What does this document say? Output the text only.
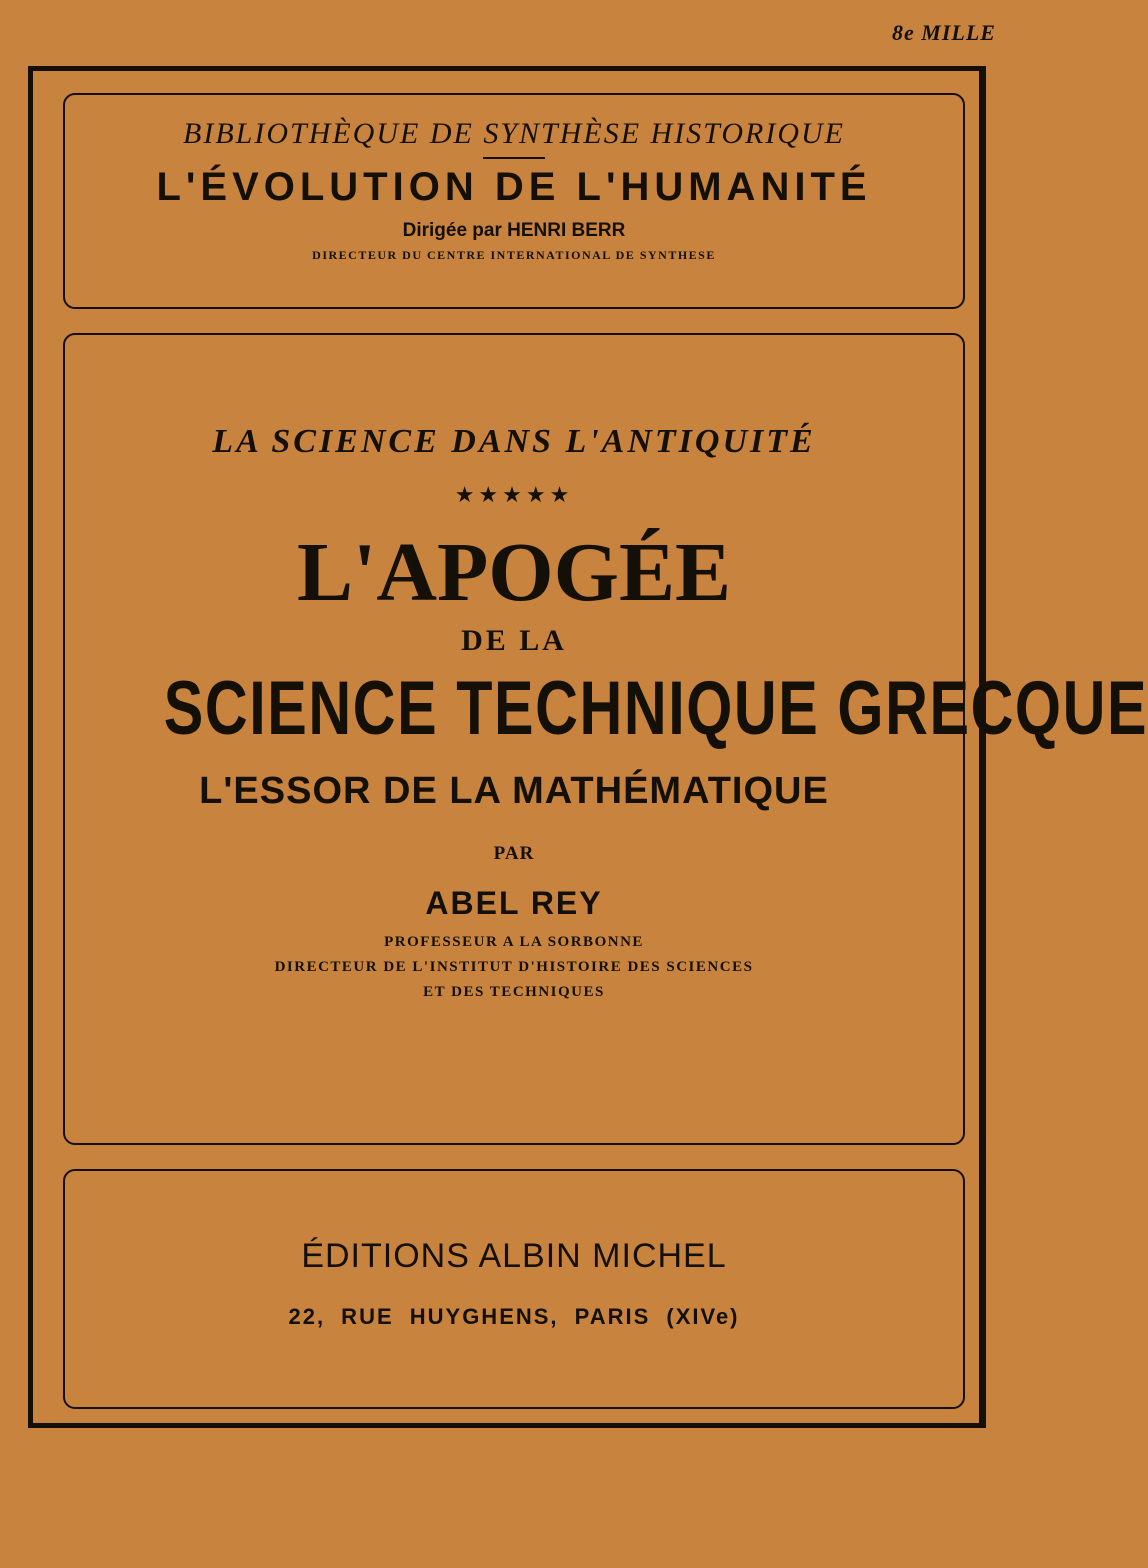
8e MILLE
BIBLIOTHÈQUE DE SYNTHÈSE HISTORIQUE
L'ÉVOLUTION DE L'HUMANITÉ
Dirigée par HENRI BERR
DIRECTEUR DU CENTRE INTERNATIONAL DE SYNTHESE
LA SCIENCE DANS L'ANTIQUITÉ
★★★★★
L'APOGÉE
DE LA
SCIENCE TECHNIQUE GRECQUE
L'ESSOR DE LA MATHÉMATIQUE
PAR
ABEL REY
PROFESSEUR A LA SORBONNE
DIRECTEUR DE L'INSTITUT D'HISTOIRE DES SCIENCES
ET DES TECHNIQUES
ÉDITIONS ALBIN MICHEL
22, RUE HUYGHENS, PARIS (XIVe)
